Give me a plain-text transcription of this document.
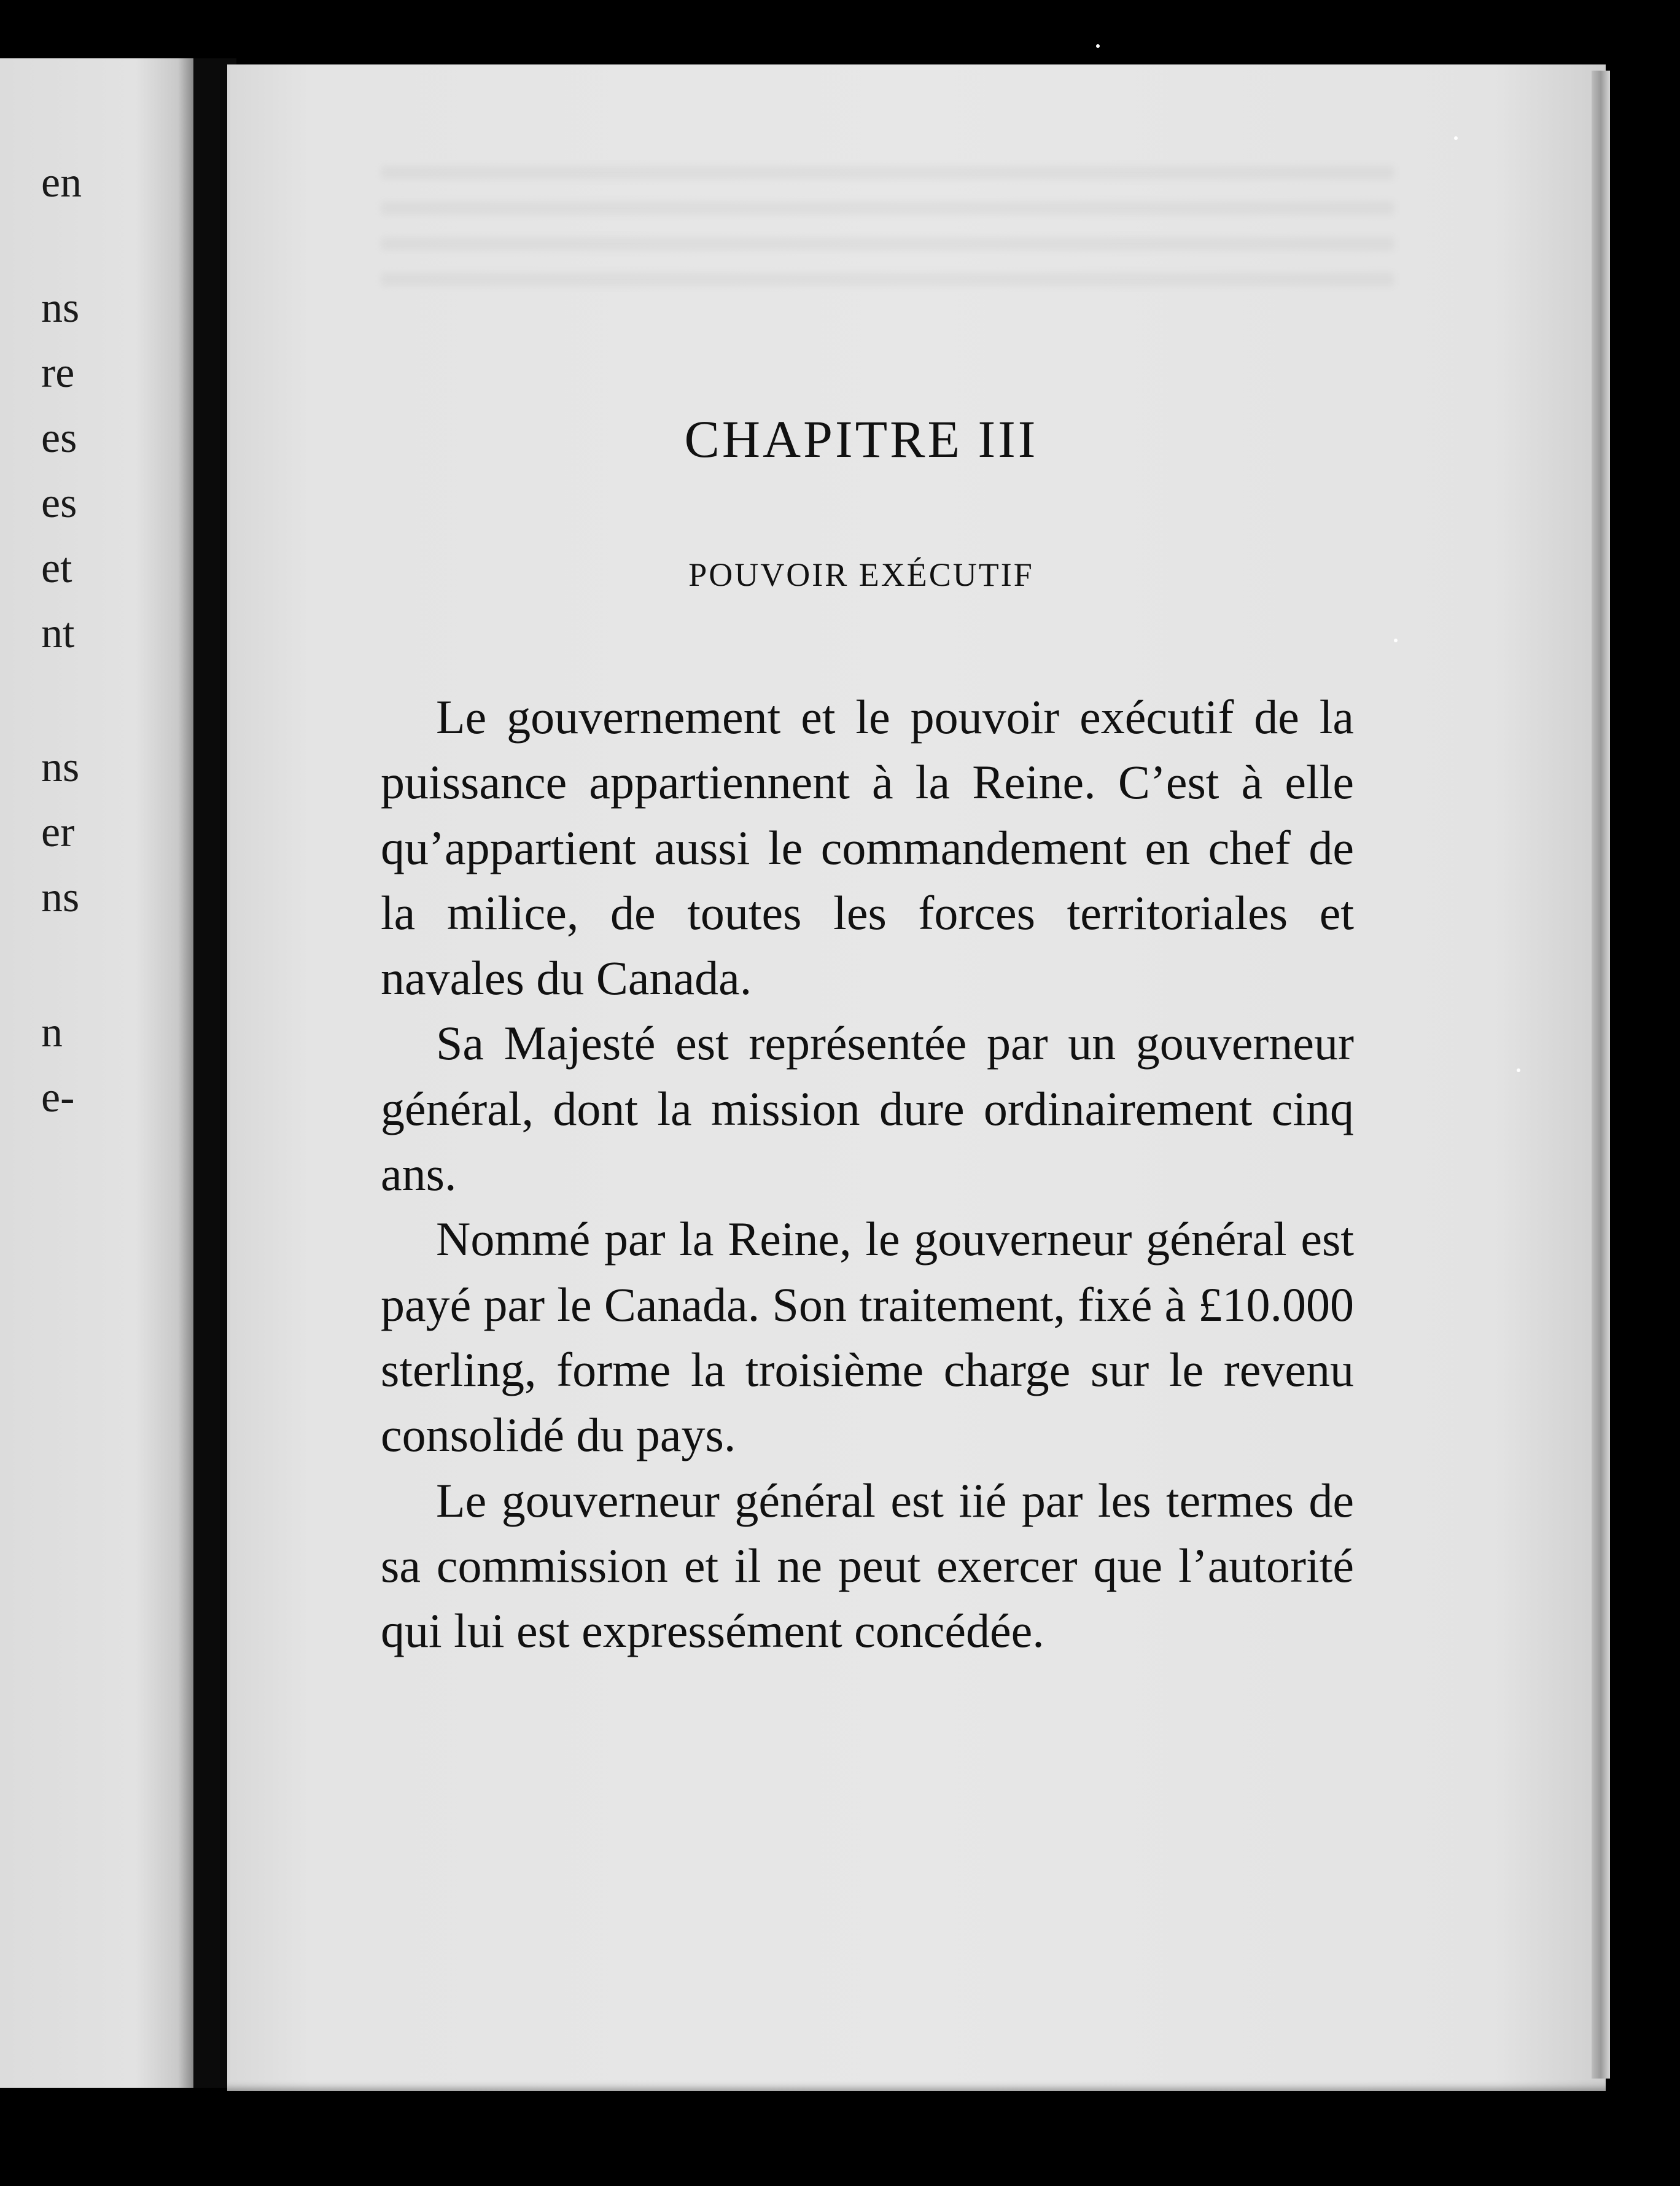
en
ns
re
es
es
et
nt
ns
er
ns
n
e-
CHAPITRE III
POUVOIR EXÉCUTIF

Le gouvernement et le pouvoir exécutif de la puissance appartiennent à la Reine. C’est à elle qu’appartient aussi le commandement en chef de la milice, de toutes les forces territoriales et navales du Canada.

Sa Majesté est représentée par un gouverneur général, dont la mission dure ordinairement cinq ans.

Nommé par la Reine, le gouverneur général est payé par le Canada. Son traitement, fixé à £10.000 sterling, forme la troisième charge sur le revenu consolidé du pays.

Le gouverneur général est iié par les termes de sa commission et il ne peut exercer que l’autorité qui lui est expressément concédée.
